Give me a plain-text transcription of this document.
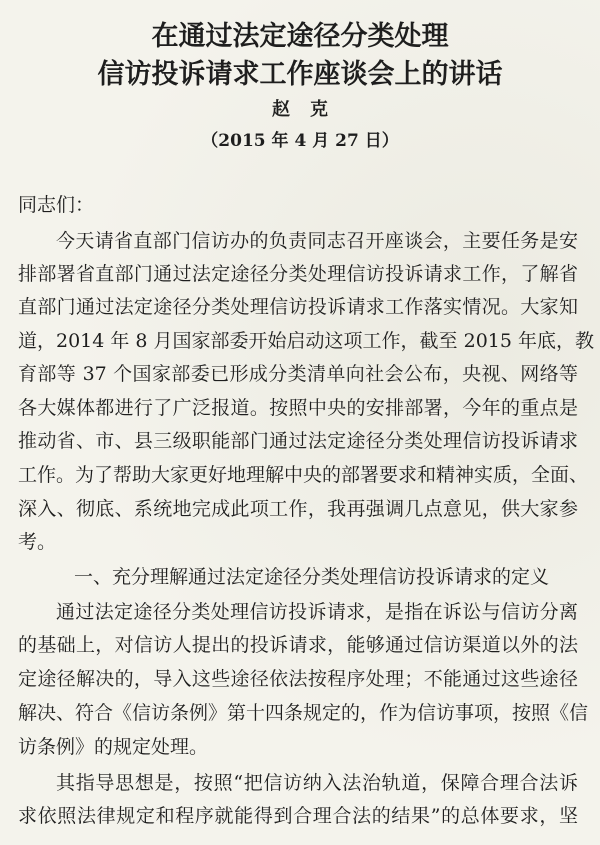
在通过法定途径分类处理
信访投诉请求工作座谈会上的讲话
赵克
（2015 年 4 月 27 日）
同志们：
今天请省直部门信访办的负责同志召开座谈会，主要任务是安
排部署省直部门通过法定途径分类处理信访投诉请求工作，了解省
直部门通过法定途径分类处理信访投诉请求工作落实情况。大家知
道，2014 年 8 月国家部委开始启动这项工作，截至 2015 年底，教
育部等 37 个国家部委已形成分类清单向社会公布，央视、网络等
各大媒体都进行了广泛报道。按照中央的安排部署，今年的重点是
推动省、市、县三级职能部门通过法定途径分类处理信访投诉请求
工作。为了帮助大家更好地理解中央的部署要求和精神实质，全面、
深入、彻底、系统地完成此项工作，我再强调几点意见，供大家参
考。
一、充分理解通过法定途径分类处理信访投诉请求的定义
通过法定途径分类处理信访投诉请求，是指在诉讼与信访分离
的基础上，对信访人提出的投诉请求，能够通过信访渠道以外的法
定途径解决的，导入这些途径依法按程序处理；不能通过这些途径
解决、符合《信访条例》第十四条规定的，作为信访事项，按照《信
访条例》的规定处理。
其指导思想是，按照“把信访纳入法治轨道，保障合理合法诉
求依照法律规定和程序就能得到合理合法的结果”的总体要求，坚
